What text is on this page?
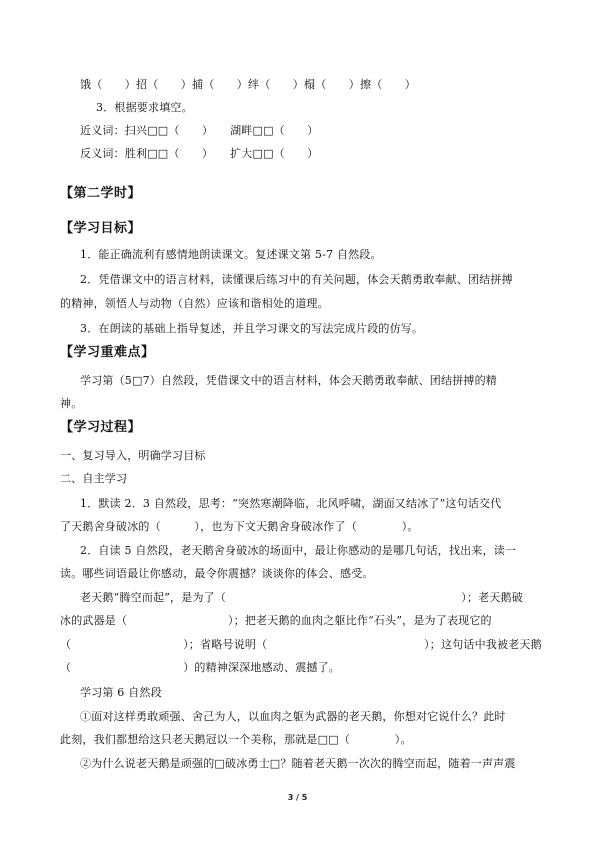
饿（　　）招（　　）捕（　　）绊（　　）榻（　　）擦（　　）
3．根据要求填空。
近义词：扫兴□□（　　）　　湖畔□□（　　）
反义词：胜利□□（　　）　　扩大□□（　　）
【第二学时】
【学习目标】
1．能正确流利有感情地朗读课文。复述课文第 5-7 自然段。
2．凭借课文中的语言材料，读懂课后练习中的有关问题，体会天鹅勇敢奉献、团结拼搏
的精神，领悟人与动物（自然）应该和谐相处的道理。
3．在朗读的基础上指导复述，并且学习课文的写法完成片段的仿写。
【学习重难点】
学习第（5□7）自然段，凭借课文中的语言材料，体会天鹅勇敢奉献、团结拼搏的精
神。
【学习过程】
一、复习导入，明确学习目标
二、自主学习
1．默读 2．3 自然段，思考：“突然寒潮降临，北风呼啸，湖面又结冰了”这句话交代
了天鹅舍身破冰的（　　　），也为下文天鹅舍身破冰作了（　　　　）。
2．自读 5 自然段，老天鹅舍身破冰的场面中，最让你感动的是哪几句话，找出来，读一
读。哪些词语最让你感动，最令你震撼？谈谈你的体会、感受。
老天鹅“腾空而起”，是为了（　　　　　　　　　　　　　　　　　　　　　）；老天鹅破
冰的武器是（　　　　　　　　　）；把老天鹅的血肉之躯比作“石头”，是为了表现它的
（　　　　　　　　　　）；省略号说明（　　　　　　　　　　　　　　）；这句话中我被老天鹅
（　　　　　　　　　　）的精神深深地感动、震撼了。
学习第 6 自然段
①面对这样勇敢顽强、舍己为人，以血肉之躯为武器的老天鹅，你想对它说什么？此时
此刻，我们都想给这只老天鹅冠以一个美称，那就是□□（　　　　）。
②为什么说老天鹅是顽强的□破冰勇士□？随着老天鹅一次次的腾空而起，随着一声声震
3 / 5
